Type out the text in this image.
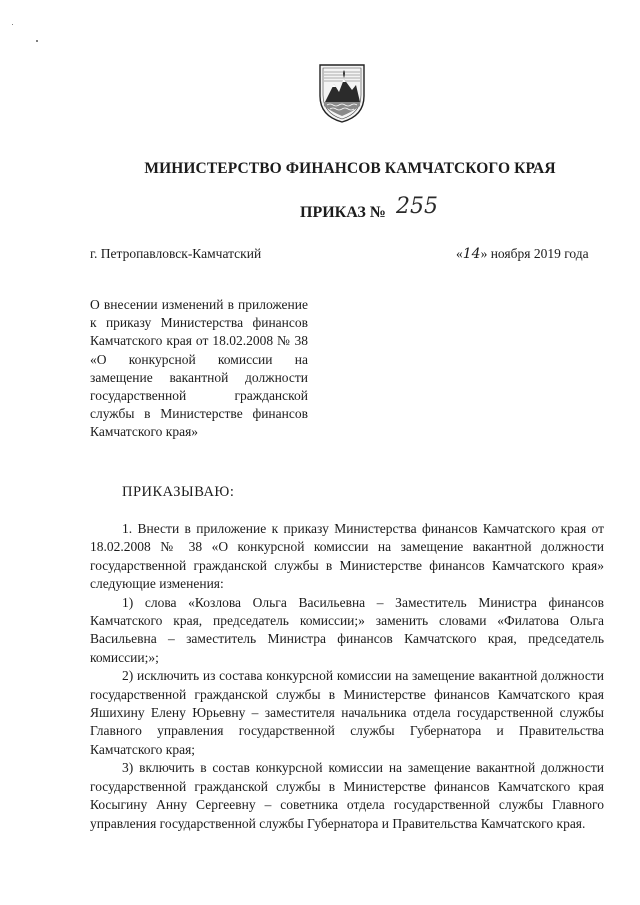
МИНИСТЕРСТВО ФИНАНСОВ КАМЧАТСКОГО КРАЯ
ПРИКАЗ № 255
г. Петропавловск-Камчатский	«14» ноября 2019 года
О внесении изменений в приложение к приказу Министерства финансов Камчатского края от 18.02.2008 № 38 «О конкурсной комиссии на замещение вакантной должности государственной гражданской службы в Министерстве финансов Камчатского края»
ПРИКАЗЫВАЮ:

1. Внести в приложение к приказу Министерства финансов Камчатского края от 18.02.2008 № 38 «О конкурсной комиссии на замещение вакантной должности государственной гражданской службы в Министерстве финансов Камчатского края» следующие изменения:

1) слова «Козлова Ольга Васильевна – Заместитель Министра финансов Камчатского края, председатель комиссии;» заменить словами «Филатова Ольга Васильевна – заместитель Министра финансов Камчатского края, председатель комиссии;»;

2) исключить из состава конкурсной комиссии на замещение вакантной должности государственной гражданской службы в Министерстве финансов Камчатского края Яшихину Елену Юрьевну – заместителя начальника отдела государственной службы Главного управления государственной службы Губернатора и Правительства Камчатского края;

3) включить в состав конкурсной комиссии на замещение вакантной должности государственной гражданской службы в Министерстве финансов Камчатского края Косыгину Анну Сергеевну – советника отдела государственной службы Главного управления государственной службы Губернатора и Правительства Камчатского края.
